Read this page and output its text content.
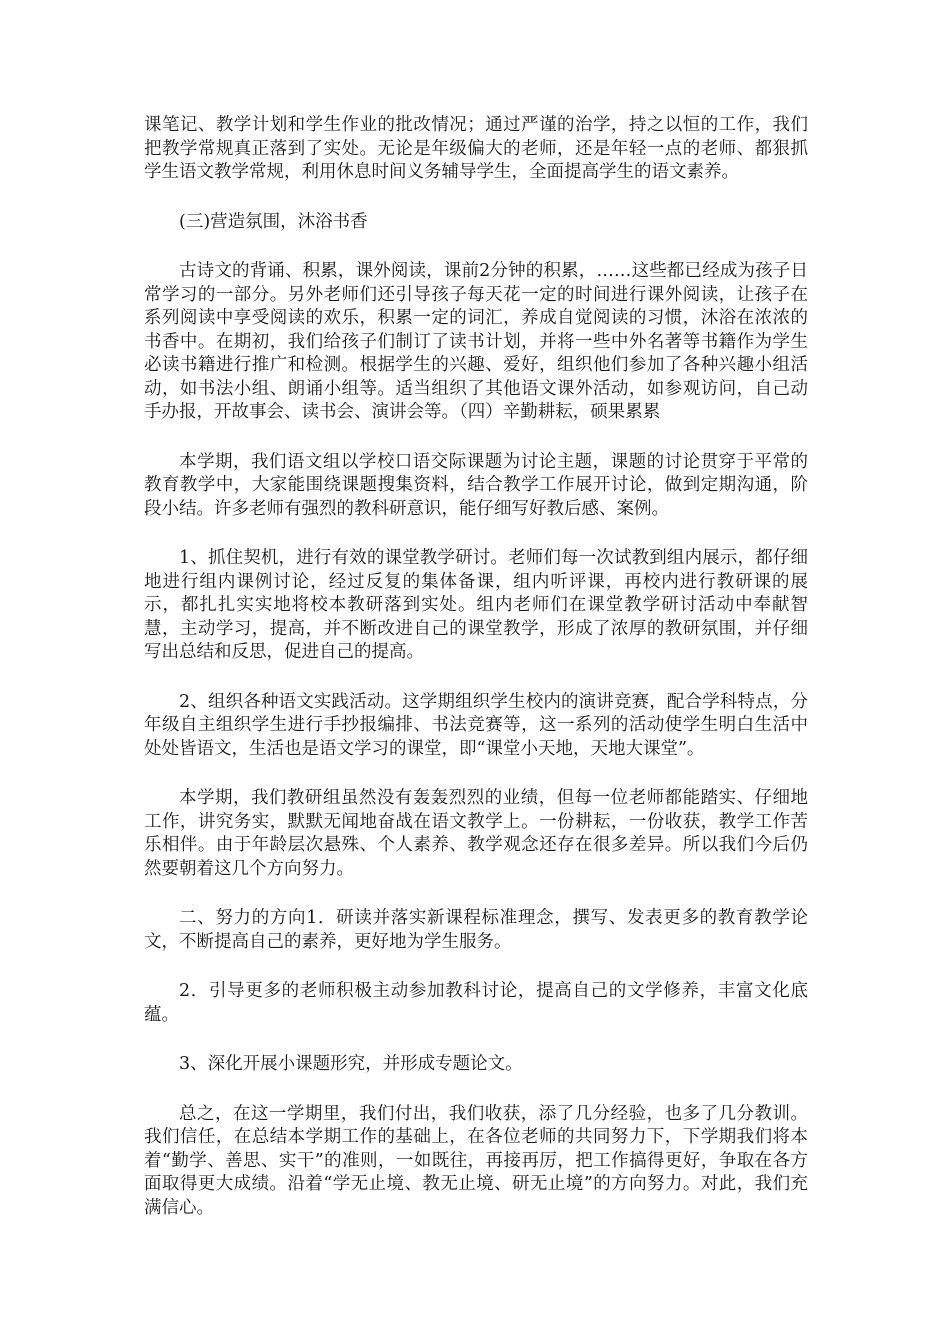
课笔记、教学计划和学生作业的批改情况；通过严谨的治学，持之以恒的工作，我们把教学常规真正落到了实处。无论是年级偏大的老师，还是年轻一点的老师、都狠抓学生语文教学常规，利用休息时间义务辅导学生，全面提高学生的语文素养。

(三)营造氛围，沐浴书香

古诗文的背诵、积累，课外阅读，课前2分钟的积累，……这些都已经成为孩子日常学习的一部分。另外老师们还引导孩子每天花一定的时间进行课外阅读，让孩子在系列阅读中享受阅读的欢乐，积累一定的词汇，养成自觉阅读的习惯，沐浴在浓浓的书香中。在期初，我们给孩子们制订了读书计划，并将一些中外名著等书籍作为学生必读书籍进行推广和检测。根据学生的兴趣、爱好，组织他们参加了各种兴趣小组活动，如书法小组、朗诵小组等。适当组织了其他语文课外活动，如参观访问，自己动手办报，开故事会、读书会、演讲会等。（四）辛勤耕耘，硕果累累

本学期，我们语文组以学校口语交际课题为讨论主题，课题的讨论贯穿于平常的教育教学中，大家能围绕课题搜集资料，结合教学工作展开讨论，做到定期沟通，阶段小结。许多老师有强烈的教科研意识，能仔细写好教后感、案例。

1、抓住契机，进行有效的课堂教学研讨。老师们每一次试教到组内展示，都仔细地进行组内课例讨论，经过反复的集体备课，组内听评课，再校内进行教研课的展示，都扎扎实实地将校本教研落到实处。组内老师们在课堂教学研讨活动中奉献智慧，主动学习，提高，并不断改进自己的课堂教学，形成了浓厚的教研氛围，并仔细写出总结和反思，促进自己的提高。

2、组织各种语文实践活动。这学期组织学生校内的演讲竞赛，配合学科特点，分年级自主组织学生进行手抄报编排、书法竞赛等，这一系列的活动使学生明白生活中处处皆语文，生活也是语文学习的课堂，即“课堂小天地，天地大课堂”。

本学期，我们教研组虽然没有轰轰烈烈的业绩，但每一位老师都能踏实、仔细地工作，讲究务实，默默无闻地奋战在语文教学上。一份耕耘，一份收获，教学工作苦乐相伴。由于年龄层次悬殊、个人素养、教学观念还存在很多差异。所以我们今后仍然要朝着这几个方向努力。

二、努力的方向1．研读并落实新课程标准理念，撰写、发表更多的教育教学论文，不断提高自己的素养，更好地为学生服务。

2．引导更多的老师积极主动参加教科讨论，提高自己的文学修养，丰富文化底蕴。

3、深化开展小课题形究，并形成专题论文。

总之，在这一学期里，我们付出，我们收获，添了几分经验，也多了几分教训。我们信任，在总结本学期工作的基础上，在各位老师的共同努力下，下学期我们将本着“勤学、善思、实干”的准则，一如既往，再接再厉，把工作搞得更好，争取在各方面取得更大成绩。沿着“学无止境、教无止境、研无止境”的方向努力。对此，我们充满信心。
